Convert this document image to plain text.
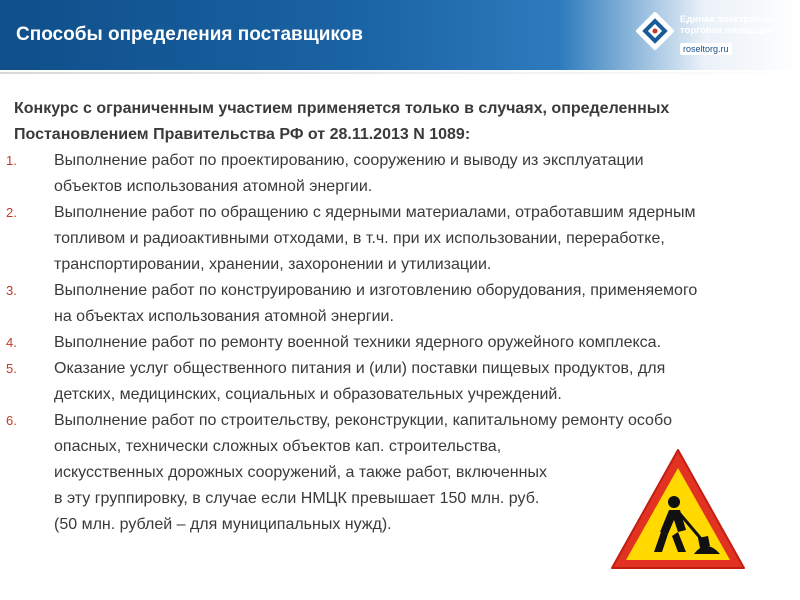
Способы определения поставщиков
Единая электронная
торговая площадка
roseltorg.ru
Конкурс с ограниченным участием применяется только в случаях, определенных
Постановлением Правительства РФ от 28.11.2013 N 1089:
1. Выполнение работ по проектированию, сооружению и выводу из эксплуатации
объектов использования атомной энергии.
2. Выполнение работ по обращению с ядерными материалами, отработавшим ядерным
топливом и радиоактивными отходами, в т.ч. при их использовании, переработке,
транспортировании, хранении, захоронении и утилизации.
3. Выполнение работ по конструированию и изготовлению оборудования, применяемого
на объектах использования атомной энергии.
4. Выполнение работ по ремонту военной техники ядерного оружейного комплекса.
5. Оказание услуг общественного питания и (или) поставки пищевых продуктов, для
детских, медицинских, социальных и образовательных учреждений.
6. Выполнение работ по строительству, реконструкции, капитальному ремонту особо
опасных, технически сложных объектов кап. строительства,
искусственных дорожных сооружений, а также работ, включенных
в эту группировку, в случае если НМЦК превышает 150 млн. руб.
(50 млн. рублей – для муниципальных нужд).
